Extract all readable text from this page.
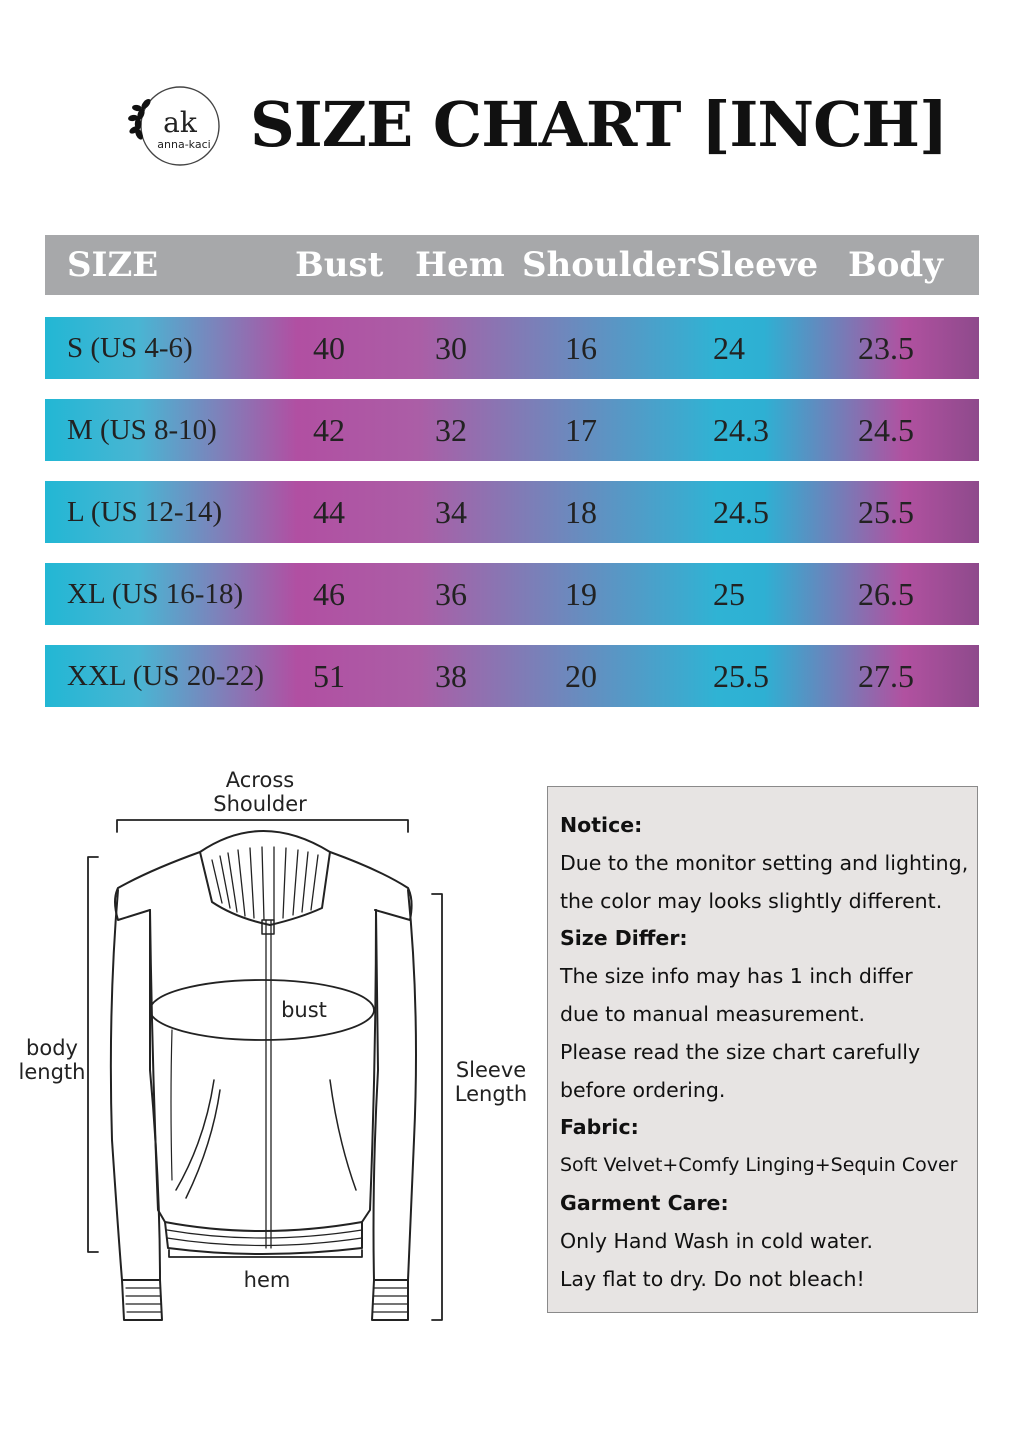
ak
anna-kaci SIZE CHART [INCH]
SIZE	Bust Hem Shoulder Sleeve Body
S (US 4-6)	40	30	16	24	23.5
M (US 8-10)	42	32	17	24.3	24.5
L (US 12-14)	44	34	18	24.5	25.5
XL (US 16-18) 46	36	19	25	26.5
XXL (US 20-22) 51	38	20	25.5	27.5
Across
Shoulder
bust
body
length	Sleeve
Length
hem
Notice:
Due to the monitor setting and lighting,
the color may looks slightly different.
Size Differ:
The size info may has 1 inch differ
due to manual measurement.
Please read the size chart carefully
before ordering.
Fabric:
Soft Velvet+Comfy Linging+Sequin Cover
Garment Care:
Only Hand Wash in cold water.
Lay flat to dry. Do not bleach!
